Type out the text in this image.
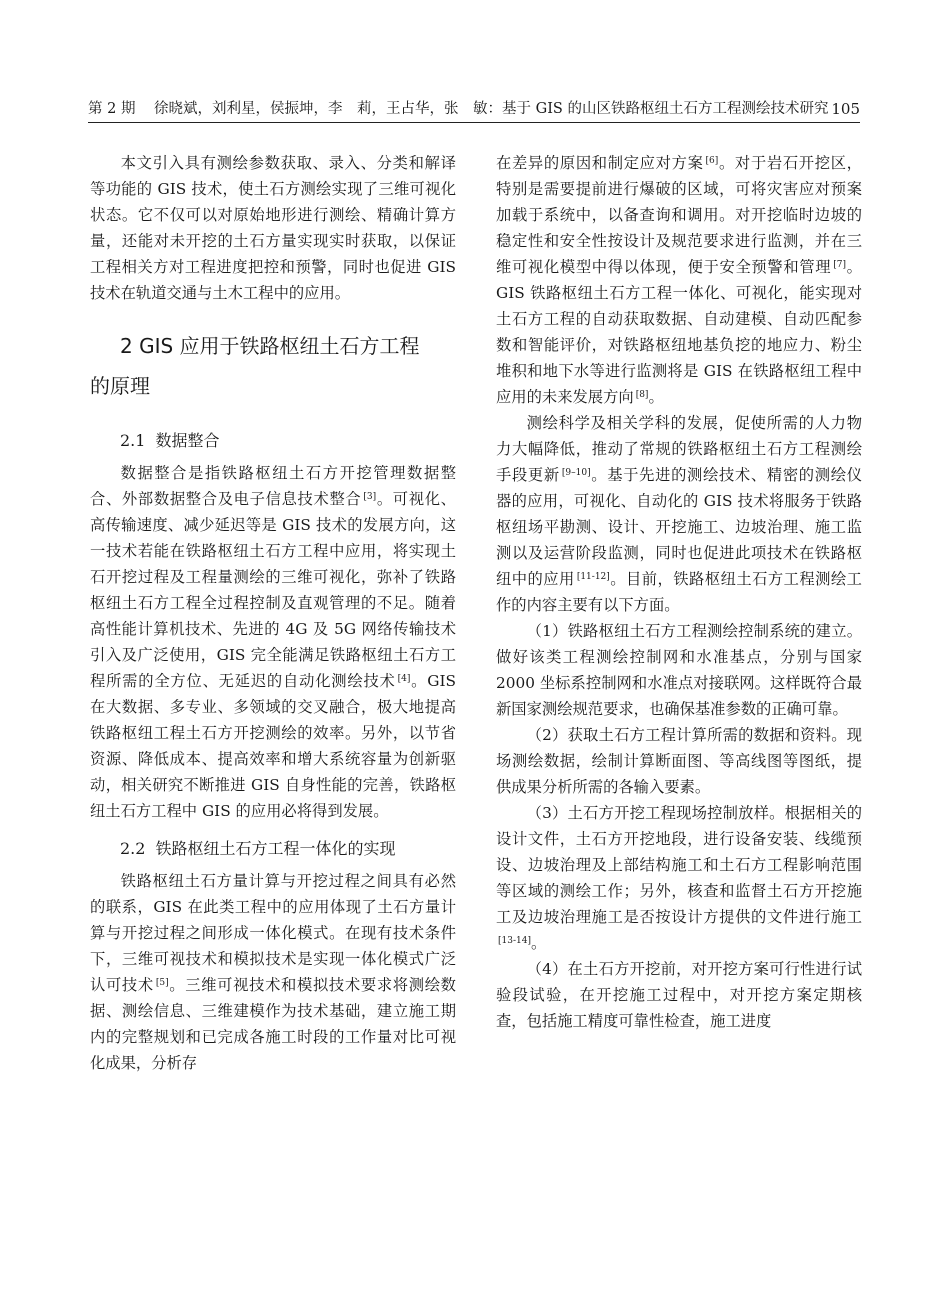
第 2 期 徐晓斌，刘利星，侯振坤，李　莉，王占华，张　敏：基于 GIS 的山区铁路枢纽土石方工程测绘技术研究 105

本文引入具有测绘参数获取、录入、分类和解译等功能的 GIS 技术，使土石方测绘实现了三维可视化状态。它不仅可以对原始地形进行测绘、精确计算方量，还能对未开挖的土石方量实现实时获取，以保证工程相关方对工程进度把控和预警，同时也促进 GIS 技术在轨道交通与土木工程中的应用。

2 GIS 应用于铁路枢纽土石方工程
的原理
2.1 数据整合

数据整合是指铁路枢纽土石方开挖管理数据整合、外部数据整合及电子信息技术整合 [3]。可视化、高传输速度、减少延迟等是 GIS 技术的发展方向，这一技术若能在铁路枢纽土石方工程中应用，将实现土石开挖过程及工程量测绘的三维可视化，弥补了铁路枢纽土石方工程全过程控制及直观管理的不足。随着高性能计算机技术、先进的 4G 及 5G 网络传输技术引入及广泛使用，GIS 完全能满足铁路枢纽土石方工程所需的全方位、无延迟的自动化测绘技术 [4]。GIS 在大数据、多专业、多领域的交叉融合，极大地提高铁路枢纽工程土石方开挖测绘的效率。另外，以节省资源、降低成本、提高效率和增大系统容量为创新驱动，相关研究不断推进 GIS 自身性能的完善，铁路枢纽土石方工程中 GIS 的应用必将得到发展。

2.2 铁路枢纽土石方工程一体化的实现

铁路枢纽土石方量计算与开挖过程之间具有必然的联系，GIS 在此类工程中的应用体现了土石方量计算与开挖过程之间形成一体化模式。在现有技术条件下，三维可视技术和模拟技术是实现一体化模式广泛认可技术 [5]。三维可视技术和模拟技术要求将测绘数据、测绘信息、三维建模作为技术基础，建立施工期内的完整规划和已完成各施工时段的工作量对比可视化成果，分析存

在差异的原因和制定应对方案 [6]。对于岩石开挖区，特别是需要提前进行爆破的区域，可将灾害应对预案加载于系统中，以备查询和调用。对开挖临时边坡的稳定性和安全性按设计及规范要求进行监测，并在三维可视化模型中得以体现，便于安全预警和管理 [7]。GIS 铁路枢纽土石方工程一体化、可视化，能实现对土石方工程的自动获取数据、自动建模、自动匹配参数和智能评价，对铁路枢纽地基负挖的地应力、粉尘堆积和地下水等进行监测将是 GIS 在铁路枢纽工程中应用的未来发展方向 [8]。

测绘科学及相关学科的发展，促使所需的人力物力大幅降低，推动了常规的铁路枢纽土石方工程测绘手段更新 [9–10]。基于先进的测绘技术、精密的测绘仪器的应用，可视化、自动化的 GIS 技术将服务于铁路枢纽场平勘测、设计、开挖施工、边坡治理、施工监测以及运营阶段监测，同时也促进此项技术在铁路枢纽中的应用 [11-12]。目前，铁路枢纽土石方工程测绘工作的内容主要有以下方面。

（1）铁路枢纽土石方工程测绘控制系统的建立。做好该类工程测绘控制网和水准基点，分别与国家 2000 坐标系控制网和水准点对接联网。这样既符合最新国家测绘规范要求，也确保基准参数的正确可靠。

（2）获取土石方工程计算所需的数据和资料。现场测绘数据，绘制计算断面图、等高线图等图纸，提供成果分析所需的各输入要素。

（3）土石方开挖工程现场控制放样。根据相关的设计文件，土石方开挖地段，进行设备安装、线缆预设、边坡治理及上部结构施工和土石方工程影响范围等区域的测绘工作；另外，核查和监督土石方开挖施工及边坡治理施工是否按设计方提供的文件进行施工[13-14]。

（4）在土石方开挖前，对开挖方案可行性进行试验段试验，在开挖施工过程中，对开挖方案定期核查，包括施工精度可靠性检查，施工进度
